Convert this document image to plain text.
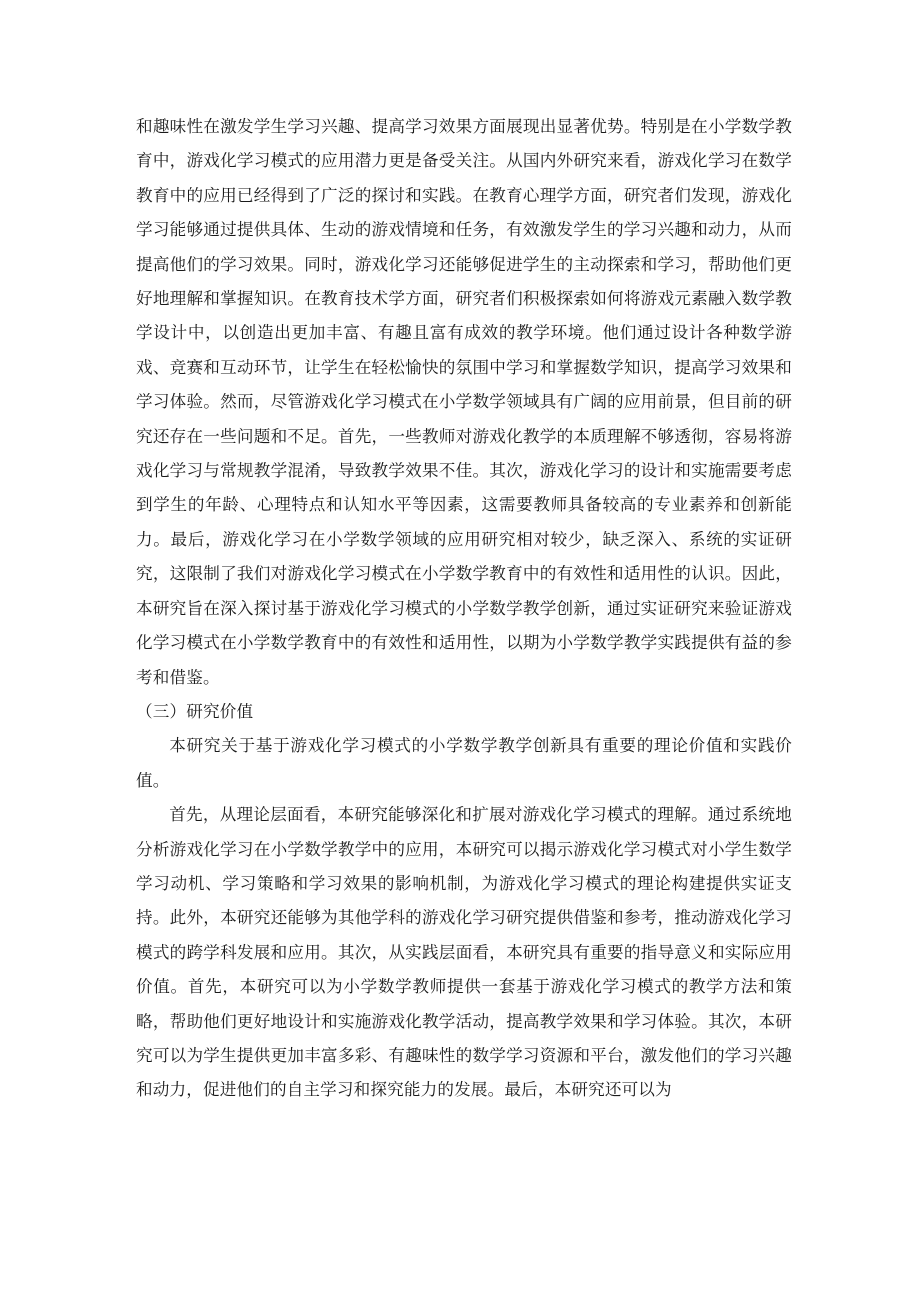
和趣味性在激发学生学习兴趣、提高学习效果方面展现出显著优势。特别是在小学数学教育中，游戏化学习模式的应用潜力更是备受关注。从国内外研究来看，游戏化学习在数学教育中的应用已经得到了广泛的探讨和实践。在教育心理学方面，研究者们发现，游戏化学习能够通过提供具体、生动的游戏情境和任务，有效激发学生的学习兴趣和动力，从而提高他们的学习效果。同时，游戏化学习还能够促进学生的主动探索和学习，帮助他们更好地理解和掌握知识。在教育技术学方面，研究者们积极探索如何将游戏元素融入数学教学设计中，以创造出更加丰富、有趣且富有成效的教学环境。他们通过设计各种数学游戏、竞赛和互动环节，让学生在轻松愉快的氛围中学习和掌握数学知识，提高学习效果和学习体验。然而，尽管游戏化学习模式在小学数学领域具有广阔的应用前景，但目前的研究还存在一些问题和不足。首先，一些教师对游戏化教学的本质理解不够透彻，容易将游戏化学习与常规教学混淆，导致教学效果不佳。其次，游戏化学习的设计和实施需要考虑到学生的年龄、心理特点和认知水平等因素，这需要教师具备较高的专业素养和创新能力。最后，游戏化学习在小学数学领域的应用研究相对较少，缺乏深入、系统的实证研究，这限制了我们对游戏化学习模式在小学数学教育中的有效性和适用性的认识。因此，本研究旨在深入探讨基于游戏化学习模式的小学数学教学创新，通过实证研究来验证游戏化学习模式在小学数学教育中的有效性和适用性，以期为小学数学教学实践提供有益的参考和借鉴。

（三）研究价值

本研究关于基于游戏化学习模式的小学数学教学创新具有重要的理论价值和实践价值。

首先，从理论层面看，本研究能够深化和扩展对游戏化学习模式的理解。通过系统地分析游戏化学习在小学数学教学中的应用，本研究可以揭示游戏化学习模式对小学生数学学习动机、学习策略和学习效果的影响机制，为游戏化学习模式的理论构建提供实证支持。此外，本研究还能够为其他学科的游戏化学习研究提供借鉴和参考，推动游戏化学习模式的跨学科发展和应用。其次，从实践层面看，本研究具有重要的指导意义和实际应用价值。首先，本研究可以为小学数学教师提供一套基于游戏化学习模式的教学方法和策略，帮助他们更好地设计和实施游戏化教学活动，提高教学效果和学习体验。其次，本研究可以为学生提供更加丰富多彩、有趣味性的数学学习资源和平台，激发他们的学习兴趣和动力，促进他们的自主学习和探究能力的发展。最后，本研究还可以为
